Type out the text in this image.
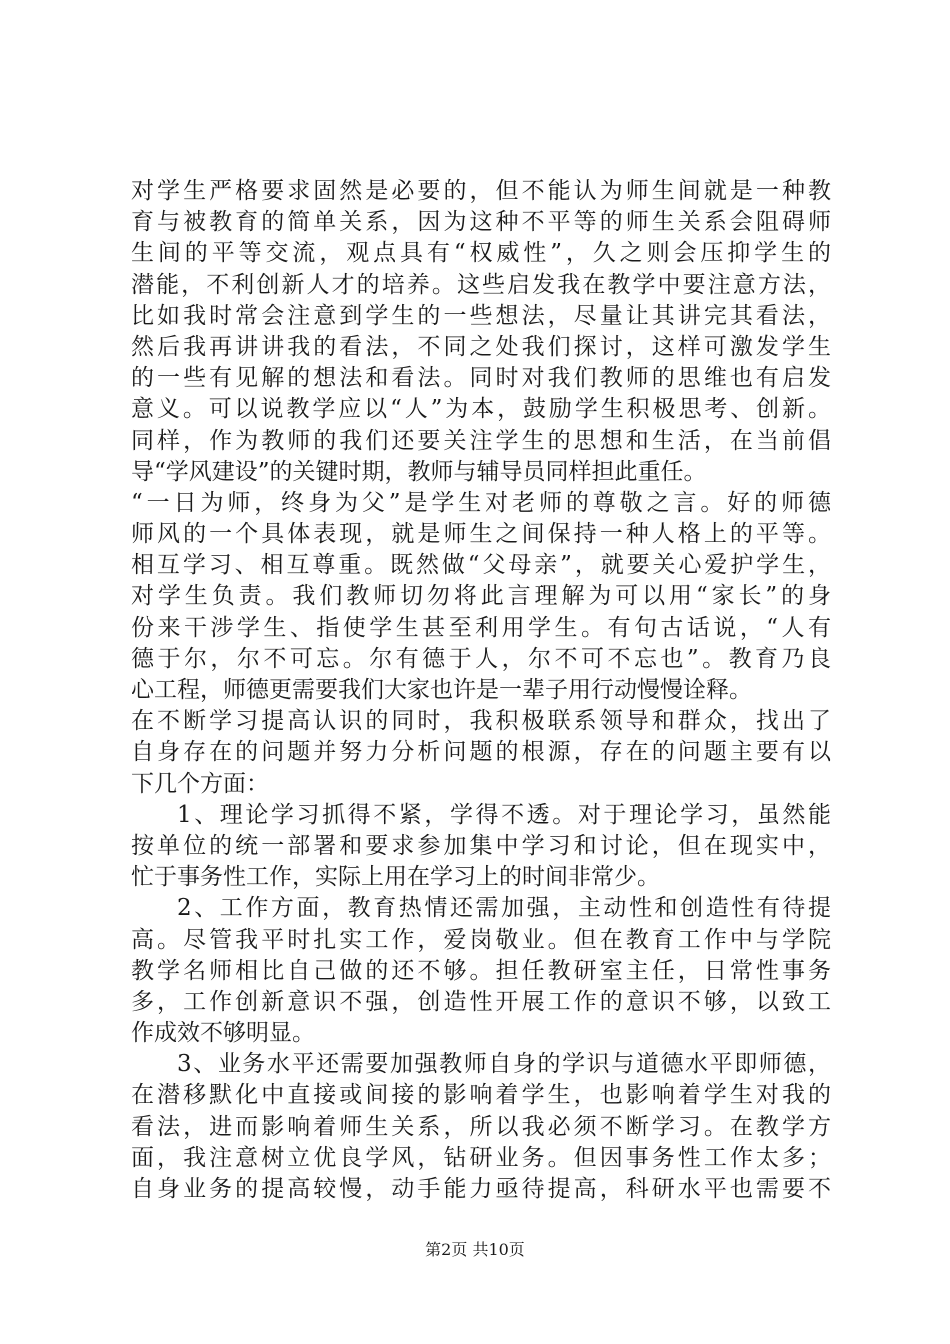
对学生严格要求固然是必要的，但不能认为师生间就是一种教
育与被教育的简单关系，因为这种不平等的师生关系会阻碍师
生间的平等交流，观点具有“权威性”，久之则会压抑学生的
潜能，不利创新人才的培养。这些启发我在教学中要注意方法，
比如我时常会注意到学生的一些想法，尽量让其讲完其看法，
然后我再讲讲我的看法，不同之处我们探讨，这样可激发学生
的一些有见解的想法和看法。同时对我们教师的思维也有启发
意义。可以说教学应以“人”为本，鼓励学生积极思考、创新。
同样，作为教师的我们还要关注学生的思想和生活，在当前倡
导“学风建设”的关键时期，教师与辅导员同样担此重任。
“一日为师，终身为父”是学生对老师的尊敬之言。好的师德
师风的一个具体表现，就是师生之间保持一种人格上的平等。
相互学习、相互尊重。既然做“父母亲”，就要关心爱护学生，
对学生负责。我们教师切勿将此言理解为可以用“家长”的身
份来干涉学生、指使学生甚至利用学生。有句古话说，“人有
德于尔，尔不可忘。尔有德于人，尔不可不忘也”。教育乃良
心工程，师德更需要我们大家也许是一辈子用行动慢慢诠释。
在不断学习提高认识的同时，我积极联系领导和群众，找出了
自身存在的问题并努力分析问题的根源，存在的问题主要有以
下几个方面：
1、理论学习抓得不紧，学得不透。对于理论学习，虽然能
按单位的统一部署和要求参加集中学习和讨论，但在现实中，
忙于事务性工作，实际上用在学习上的时间非常少。
2、工作方面，教育热情还需加强，主动性和创造性有待提
高。尽管我平时扎实工作，爱岗敬业。但在教育工作中与学院
教学名师相比自己做的还不够。担任教研室主任，日常性事务
多，工作创新意识不强，创造性开展工作的意识不够，以致工
作成效不够明显。
3、业务水平还需要加强教师自身的学识与道德水平即师德，
在潜移默化中直接或间接的影响着学生，也影响着学生对我的
看法，进而影响着师生关系，所以我必须不断学习。在教学方
面，我注意树立优良学风，钻研业务。但因事务性工作太多；
自身业务的提高较慢，动手能力亟待提高，科研水平也需要不
第2页 共10页
